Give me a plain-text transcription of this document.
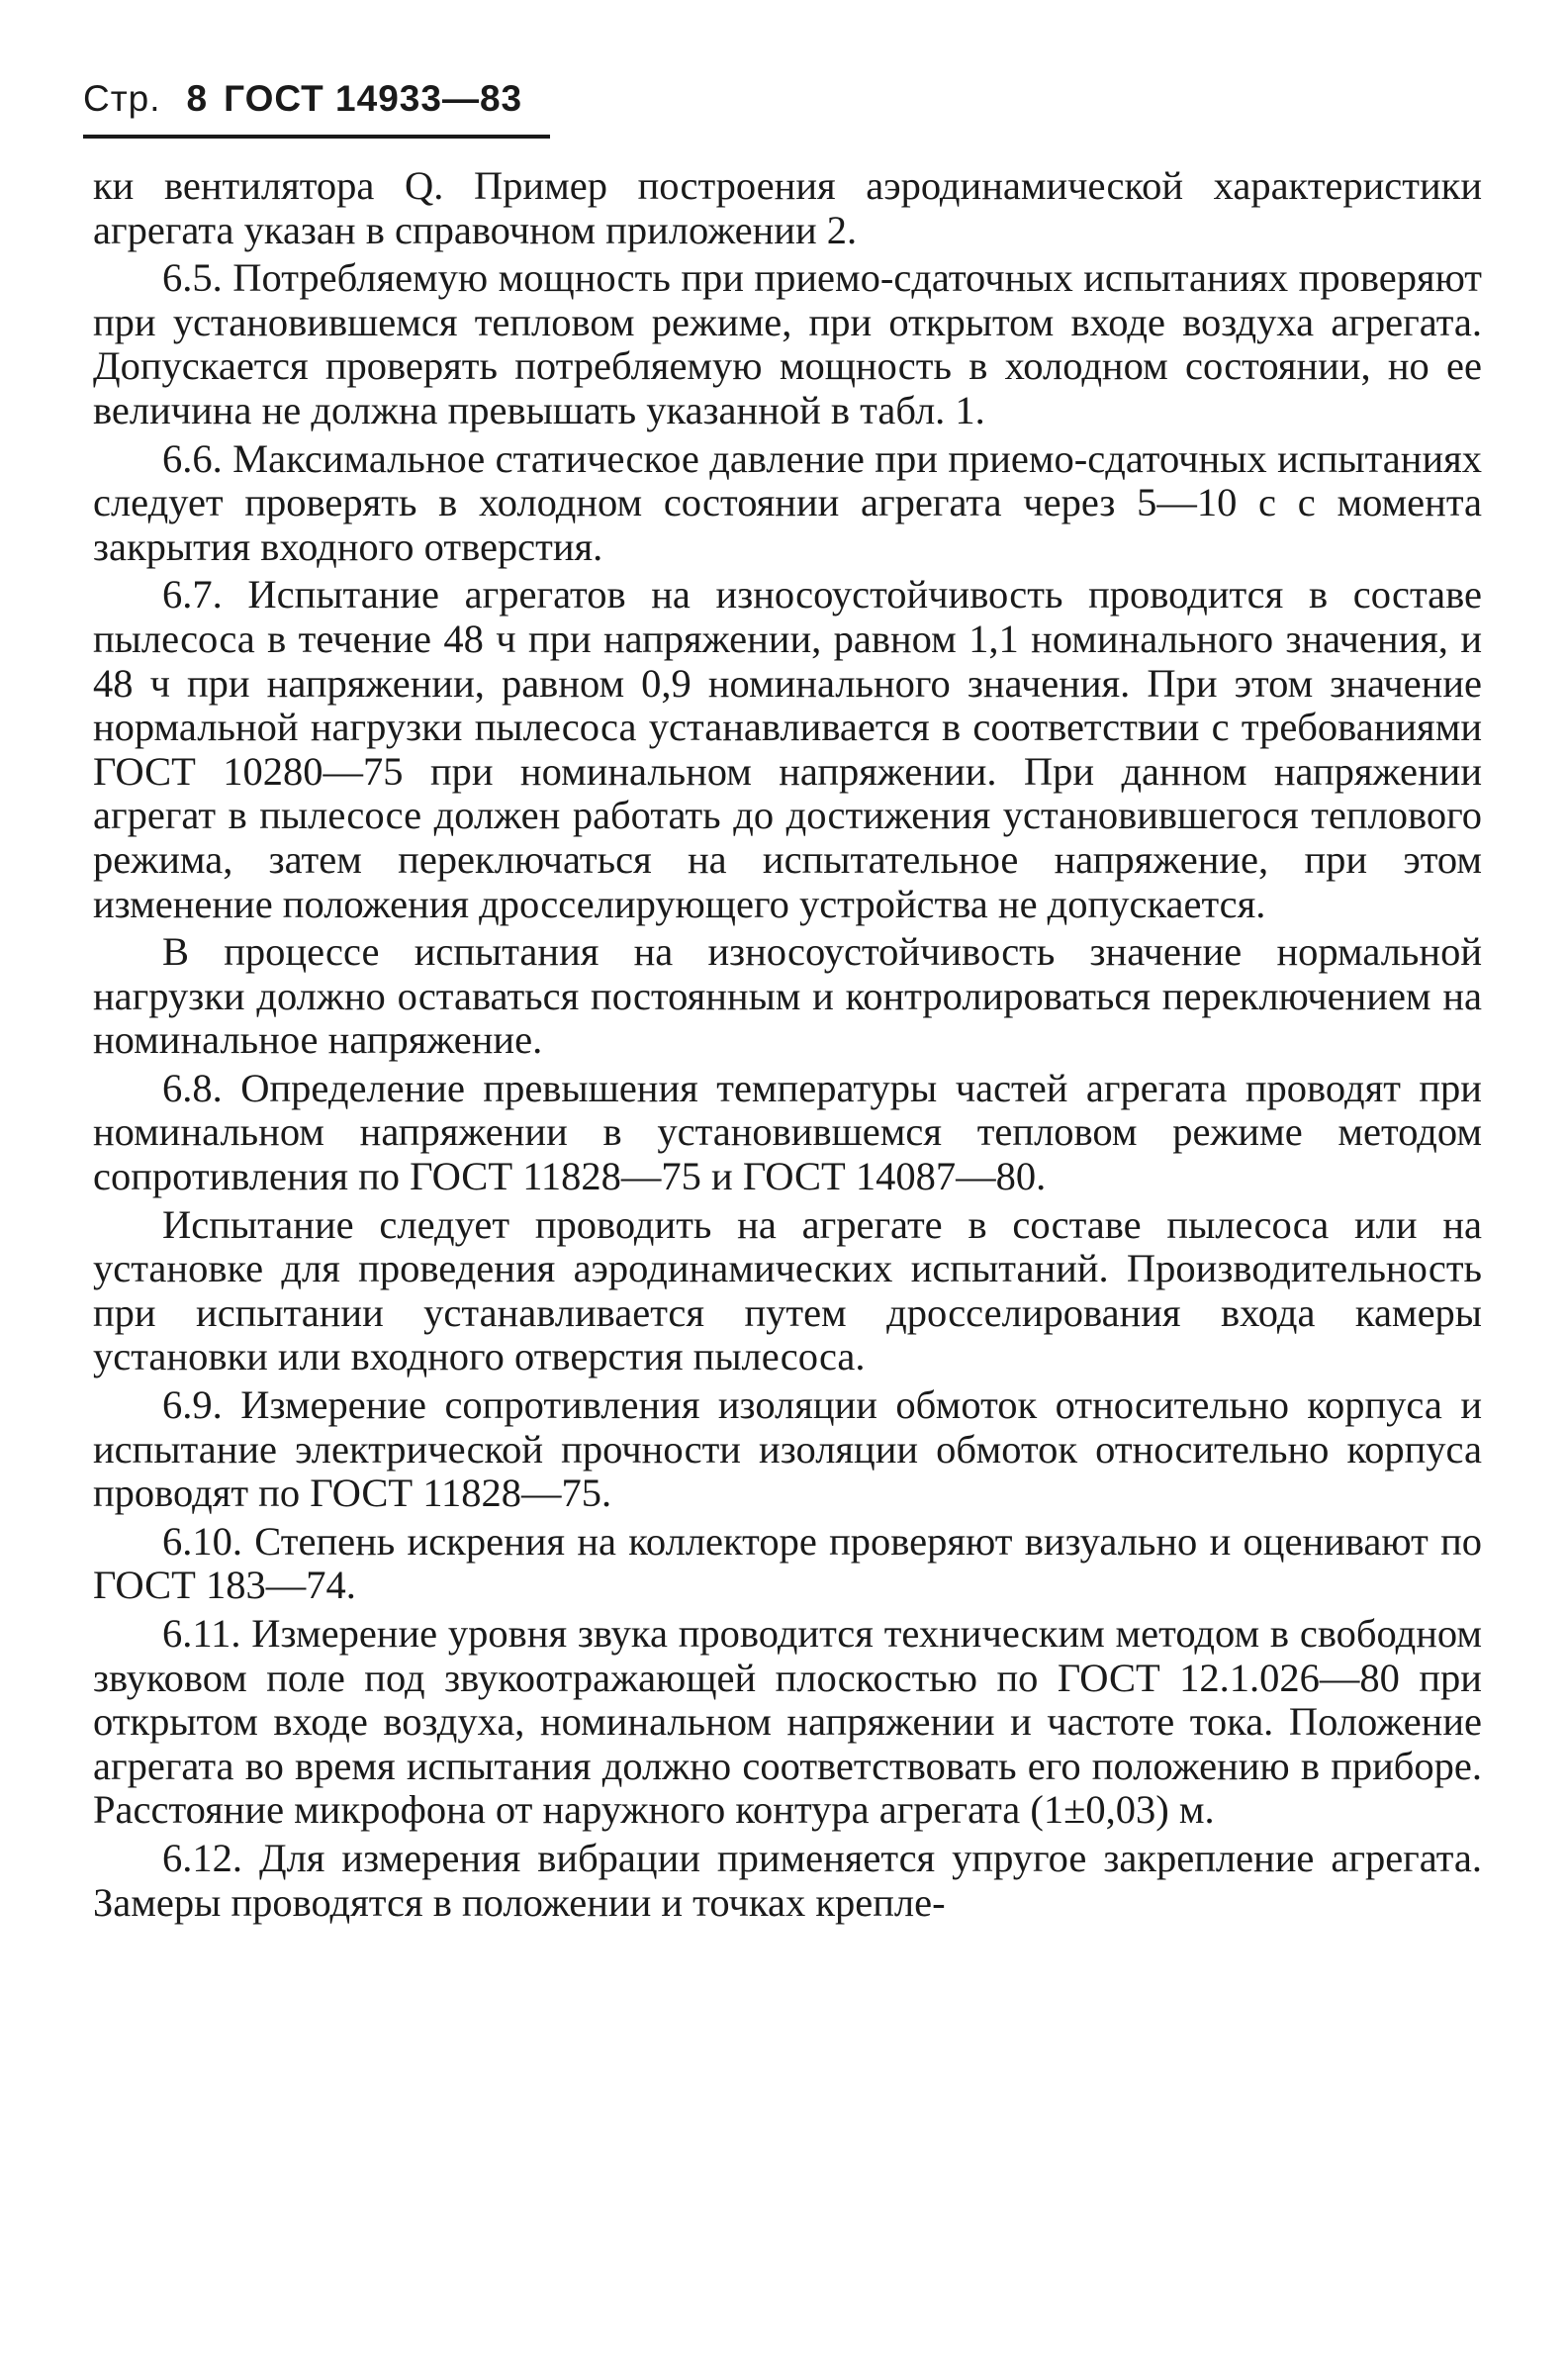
Стр. 8 ГОСТ 14933—83

ки вентилятора Q. Пример построения аэродинамической характеристики агрегата указан в справочном приложении 2.

6.5. Потребляемую мощность при приемо-сдаточных испытаниях проверяют при установившемся тепловом режиме, при открытом входе воздуха агрегата. Допускается проверять потребляемую мощность в холодном состоянии, но ее величина не должна превышать указанной в табл. 1.

6.6. Максимальное статическое давление при приемо-сдаточных испытаниях следует проверять в холодном состоянии агрегата через 5—10 с с момента закрытия входного отверстия.

6.7. Испытание агрегатов на износоустойчивость проводится в составе пылесоса в течение 48 ч при напряжении, равном 1,1 номинального значения, и 48 ч при напряжении, равном 0,9 номинального значения. При этом значение нормальной нагрузки пылесоса устанавливается в соответствии с требованиями ГОСТ 10280—75 при номинальном напряжении. При данном напряжении агрегат в пылесосе должен работать до достижения установившегося теплового режима, затем переключаться на испытательное напряжение, при этом изменение положения дросселирующего устройства не допускается.

В процессе испытания на износоустойчивость значение нормальной нагрузки должно оставаться постоянным и контролироваться переключением на номинальное напряжение.

6.8. Определение превышения температуры частей агрегата проводят при номинальном напряжении в установившемся тепловом режиме методом сопротивления по ГОСТ 11828—75 и ГОСТ 14087—80.

Испытание следует проводить на агрегате в составе пылесоса или на установке для проведения аэродинамических испытаний. Производительность при испытании устанавливается путем дросселирования входа камеры установки или входного отверстия пылесоса.

6.9. Измерение сопротивления изоляции обмоток относительно корпуса и испытание электрической прочности изоляции обмоток относительно корпуса проводят по ГОСТ 11828—75.

6.10. Степень искрения на коллекторе проверяют визуально и оценивают по ГОСТ 183—74.

6.11. Измерение уровня звука проводится техническим методом в свободном звуковом поле под звукоотражающей плоскостью по ГОСТ 12.1.026—80 при открытом входе воздуха, номинальном напряжении и частоте тока. Положение агрегата во время испытания должно соответствовать его положению в приборе. Расстояние микрофона от наружного контура агрегата (1±0,03) м.

6.12. Для измерения вибрации применяется упругое закрепление агрегата. Замеры проводятся в положении и точках крепле-
